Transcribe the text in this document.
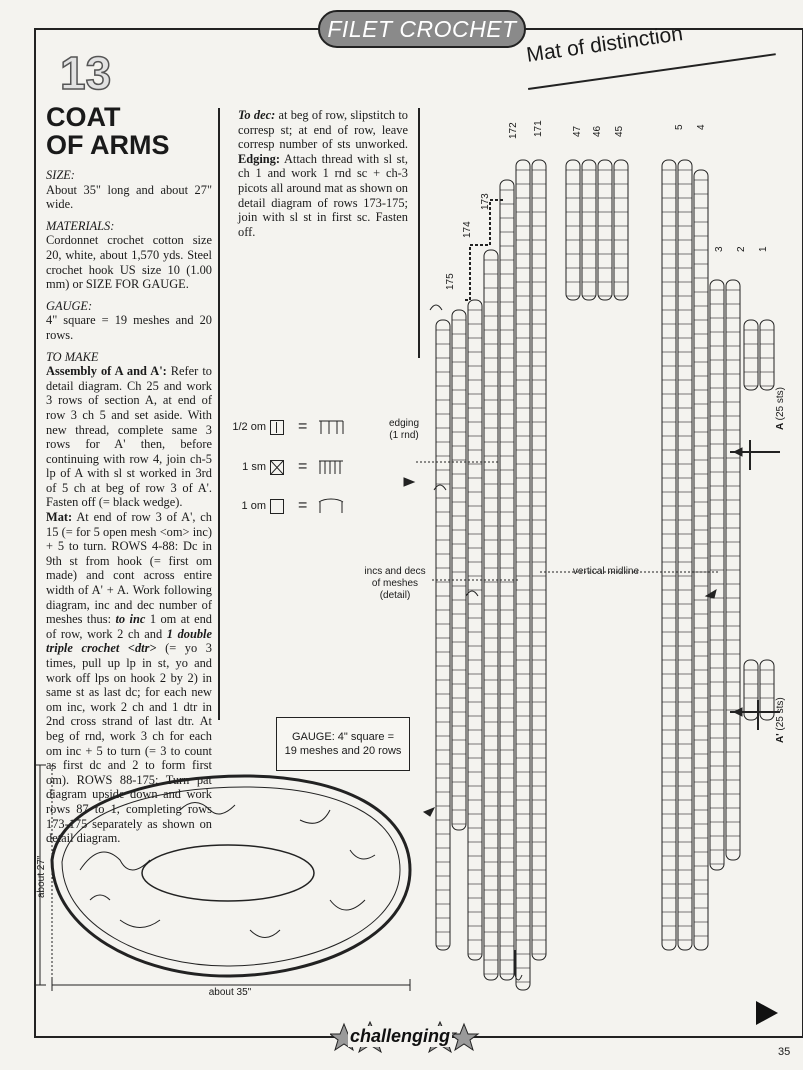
FILET CROCHET Mat of distinction
13
COAT
OF ARMS

SIZE:

About 35" long and about 27" wide.

MATERIALS:

Cordonnet crochet cotton size 20, white, about 1,570 yds. Steel crochet hook US size 10 (1.00 mm) or SIZE FOR GAUGE.

GAUGE:

4" square = 19 meshes and 20 rows.

TO MAKE

Assembly of A and A': Refer to detail diagram. Ch 25 and work 3 rows of section A, at end of row 3 ch 5 and set aside. With new thread, complete same 3 rows for A' then, before continuing with row 4, join ch-5 lp of A with sl st worked in 3rd of 5 ch at beg of row 3 of A'. Fasten off (= black wedge).

Mat: At end of row 3 of A', ch 15 (= for 5 open mesh <om> inc) + 5 to turn. ROWS 4-88: Dc in 9th st from hook (= first om made) and cont across entire width of A' + A. Work following diagram, inc and dec number of meshes thus: to inc 1 om at end of row, work 2 ch and 1 double triple crochet <dtr> (= yo 3 times, pull up lp in st, yo and work off lps on hook 2 by 2) in same st as last dc; for each new om inc, work 2 ch and 1 dtr in 2nd cross strand of last dtr. At beg of rnd, work 3 ch for each om inc + 5 to turn (= 3 to count as first dc and 2 to form first om). ROWS 88-175: Turn pat diagram upside down and work rows 87 to 1, completing rows 173-175 separately as shown on detail diagram.

To dec: at beg of row, slipstitch to corresp st; at end of row, leave corresp number of sts unworked. Edging: Attach thread with sl st, ch 1 and work 1 rnd sc + ch-3 picots all around mat as shown on detail diagram of rows 173-175; join with sl st in first sc. Fasten off.
1/2 om =
1 sm =
1 om =
GAUGE: 4" square =
19 meshes and 20 rows
edging
(1 rnd)
incs and decs
of meshes
(detail)
vertical midline
A (25 sts)
A' (25 sts)
175
174
173
172 171	47 46 45	5 4
3 2 1
about 27"
about 35"
challenging
35
